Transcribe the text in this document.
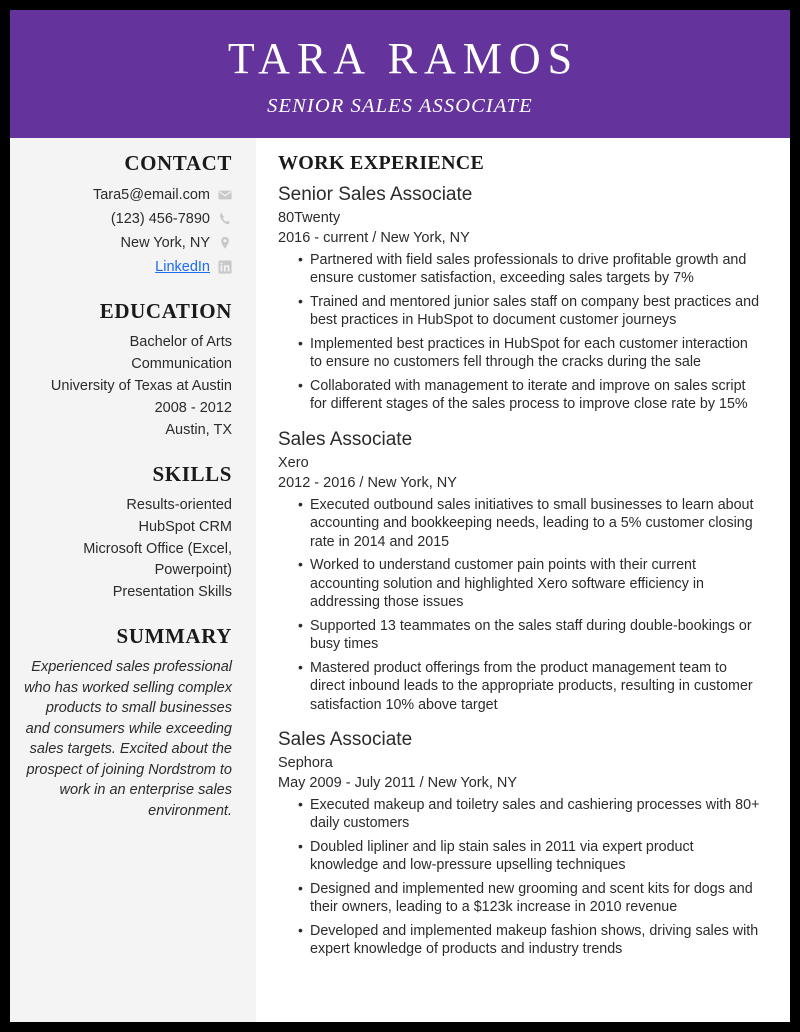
TARA RAMOS
SENIOR SALES ASSOCIATE
CONTACT
Tara5@email.com
(123) 456-7890
New York, NY
LinkedIn
EDUCATION
Bachelor of Arts
Communication
University of Texas at Austin
2008 - 2012
Austin, TX
SKILLS
Results-oriented
HubSpot CRM
Microsoft Office (Excel, Powerpoint)
Presentation Skills
SUMMARY

Experienced sales professional who has worked selling complex products to small businesses and consumers while exceeding sales targets. Excited about the prospect of joining Nordstrom to work in an enterprise sales environment.

WORK EXPERIENCE
Senior Sales Associate
80Twenty
2016 - current / New York, NY
• Partnered with field sales professionals to drive profitable growth and ensure customer satisfaction, exceeding sales targets by 7%
• Trained and mentored junior sales staff on company best practices and best practices in HubSpot to document customer journeys
• Implemented best practices in HubSpot for each customer interaction to ensure no customers fell through the cracks during the sale
• Collaborated with management to iterate and improve on sales script for different stages of the sales process to improve close rate by 15%
Sales Associate
Xero
2012 - 2016 / New York, NY
• Executed outbound sales initiatives to small businesses to learn about accounting and bookkeeping needs, leading to a 5% customer closing rate in 2014 and 2015
• Worked to understand customer pain points with their current accounting solution and highlighted Xero software efficiency in addressing those issues
• Supported 13 teammates on the sales staff during double-bookings or busy times
• Mastered product offerings from the product management team to direct inbound leads to the appropriate products, resulting in customer satisfaction 10% above target
Sales Associate
Sephora
May 2009 - July 2011 / New York, NY
• Executed makeup and toiletry sales and cashiering processes with 80+ daily customers
• Doubled lipliner and lip stain sales in 2011 via expert product knowledge and low-pressure upselling techniques
• Designed and implemented new grooming and scent kits for dogs and their owners, leading to a $123k increase in 2010 revenue
• Developed and implemented makeup fashion shows, driving sales with expert knowledge of products and industry trends
